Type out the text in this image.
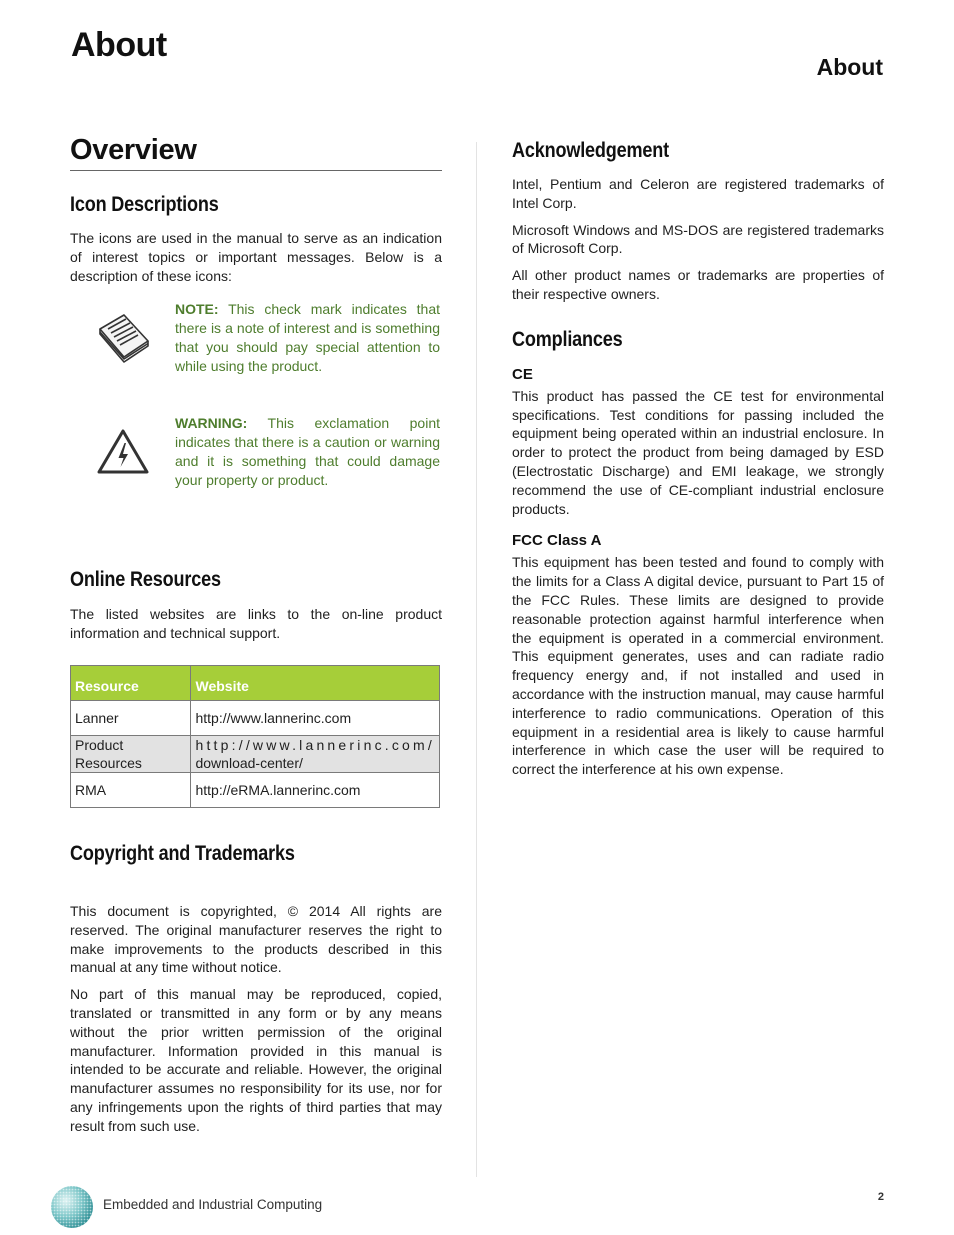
About
About
Overview
Icon Descriptions

The icons are used in the manual to serve as an indication of interest topics or important messages. Below is a description of these icons:

NOTE: This check mark indicates that there is a note of interest and is something that you should pay special attention to while using the product.
WARNING: This exclamation point indicates that there is a caution or warning and it is something that could damage your property or product.
Online Resources

The listed websites are links to the on-line product information and technical support.

Resource	Website
Lanner	http://www.lannerinc.com
Product Resources	http://www.lannerinc.com/
download-center/

RMA	http://eRMA.lannerinc.com
Copyright and Trademarks

This document is copyrighted, © 2014 All rights are reserved. The original manufacturer reserves the right to make improvements to the products described in this manual at any time without notice.

No part of this manual may be reproduced, copied, translated or transmitted in any form or by any means without the prior written permission of the original manufacturer. Information provided in this manual is intended to be accurate and reliable. However, the original manufacturer assumes no responsibility for its use, nor for any infringements upon the rights of third parties that may result from such use.

Acknowledgement

Intel, Pentium and Celeron are registered trademarks of Intel Corp.

Microsoft Windows and MS-DOS are registered trademarks of Microsoft Corp.

All other product names or trademarks are properties of their respective owners.

Compliances
CE

This product has passed the CE test for environmental specifications. Test conditions for passing included the equipment being operated within an industrial enclosure. In order to protect the product from being damaged by ESD (Electrostatic Discharge) and EMI leakage, we strongly recommend the use of CE-compliant industrial enclosure products.

FCC Class A

This equipment has been tested and found to comply with the limits for a Class A digital device, pursuant to Part 15 of the FCC Rules. These limits are designed to provide reasonable protection against harmful interference when the equipment is operated in a commercial environment. This equipment generates, uses and can radiate radio frequency energy and, if not installed and used in accordance with the instruction manual, may cause harmful interference to radio communications. Operation of this equipment in a residential area is likely to cause harmful interference in which case the user will be required to correct the interference at his own expense.

Embedded and Industrial Computing	2
